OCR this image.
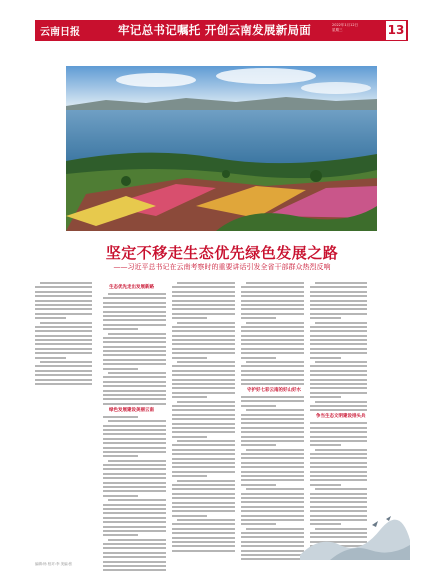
云南日报	牢记总书记嘱托 开创云南发展新局面	2022年1月12日
星期三	13
坚定不移走生态优先绿色发展之路
——习近平总书记在云南考察时的重要讲话引发全省干部群众热烈反响
生态优先走出发展新路
绿色发展建设美丽云南
守护好七彩云南的好山好水
争当生态文明建设排头兵
编辑:杨 校对:李 美编:张
